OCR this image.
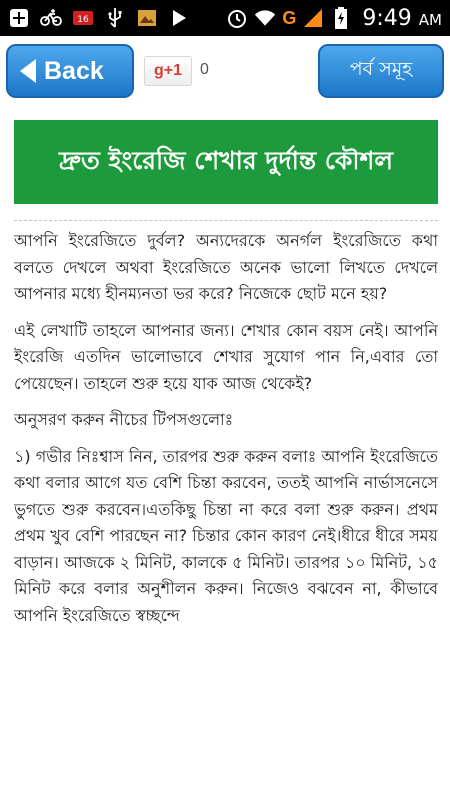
16	G	9:49 AM
Back	g+1 0	পর্ব সমূহ
দ্রুত ইংরেজি শেখার দুর্দান্ত কৌশল

আপনি ইংরেজিতে দুর্বল? অন্যদেরকে অনর্গল ইংরেজিতে কথা বলতে দেখলে অথবা ইংরেজিতে অনেক ভালো লিখতে দেখলে আপনার মধ্যে হীনম্যনতা ভর করে? নিজেকে ছোট মনে হয়?

এই লেখাটি তাহলে আপনার জন্য। শেখার কোন বয়স নেই। আপনি ইংরেজি এতদিন ভালোভাবে শেখার সুযোগ পান নি,এবার তো পেয়েছেন। তাহলে শুরু হয়ে যাক আজ থেকেই?

অনুসরণ করুন নীচের টিপসগুলোঃ

১) গভীর নিঃশ্বাস নিন, তারপর শুরু করুন বলাঃ আপনি ইংরেজিতে কথা বলার আগে যত বেশি চিন্তা করবেন, ততই আপনি নার্ভাসনেসে ভুগতে শুরু করবেন।এতকিছু চিন্তা না করে বলা শুরু করুন। প্রথম প্রথম খুব বেশি পারছেন না? চিন্তার কোন কারণ নেই।ধীরে ধীরে সময় বাড়ান। আজকে ২ মিনিট, কালকে ৫ মিনিট। তারপর ১০ মিনিট, ১৫ মিনিট করে বলার অনুশীলন করুন। নিজেও বঝবেন না, কীভাবে আপনি ইংরেজিতে স্বচ্ছন্দে
